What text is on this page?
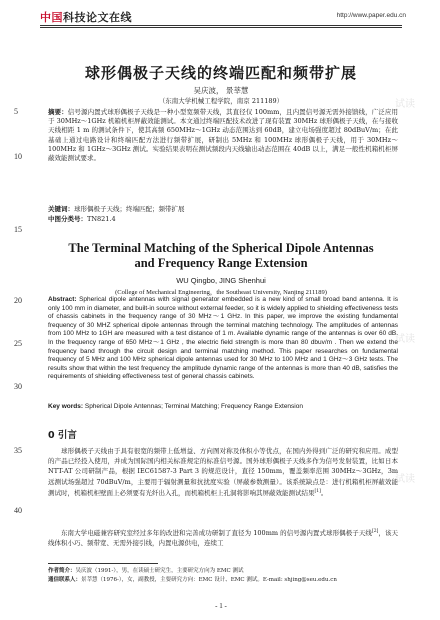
中国科技论文在线	http://www.paper.edu.cn
试读
试读
试读
5
10
15
20
25
30
35
40
球形偶极子天线的终端匹配和频带扩展
吴庆波， 景莘慧
（东南大学机械工程学院，南京 211189）
摘要：信号源内置式球形偶极子天线是一种小型宽频带天线，其直径仅 100mm，且内置信号源无需外接馈线，广泛应用于 30MHz～1GHz 机箱机柜屏蔽效能测试。本文通过终端匹配技术改进了现有装置 30MHz 球形偶极子天线，在与接收天线相距 1 m 的测试条件下，使其高频 650MHz～1GHz 动态范围达到 60dB，建立电场强度超过 80dBuV/m；在此基础上通过电路设计和终端匹配方法进行频带扩展，研制出 5MHz 和 100MHz 球形偶极子天线，用于 30MHz～100MHz 和 1GHz～3GHz 测试。实验结果表明在测试频段内天线输出动态范围在 40dB 以上，满足一般性机箱机柜屏蔽效能测试要求。
关键词：球形偶极子天线；终端匹配；频带扩展
中图分类号：TN821.4
The Terminal Matching of the Spherical Dipole Antennas
and Frequency Range Extension
WU Qingbo, JING Shenhui
(College of Mechanical Engineering，the Southeast University, Nanjing 211189)
Abstract: Spherical dipole antennas with signal generator embedded is a new kind of small broad band antenna. It is only 100 mm in diameter, and built-in source without external feeder, so it is widely applied to shielding effectiveness tests of chassis cabinets in the frequency range of 30 MHz～1 GHz. In this paper, we improve the existing fundamental frequency of 30 MHZ spherical dipole antennas through the terminal matching technology. The amplitudes of antennas from 100 MHz to 1GH are measured with a test distance of 1 m. Available dynamic range of the antennas is over 60 dB. In the frequency range of 650 MHz～1 GHz , the electric field strength is more than 80 dbuv/m . Then we extend the frequency band through the circuit design and terminal matching method. This paper researches on fundamental frequency of 5 MHz and 100 MHz spherical dipole antennas used for 30 MHz to 100 MHz and 1 GHz～3 GHz tests. The results show that within the test frequency the amplitude dynamic range of the antennas is more than 40 dB, satisfies the requirements of shielding effectiveness test of general chassis cabinets.
Key words: Spherical Dipole Antennas; Terminal Matching; Frequency Range Extension
0 引言
球形偶极子天线由于具有很宽的频带上低增益、方向图对称及体积小等优点，在国内外得到广泛的研究和应用。成型的产品已经投入使用，并成为国际国内相关标准规定的标准信号源。国外球形偶极子天线多作为信号发射装置，比如日本 NTT-AT 公司研制产品，根据 IEC61587-3 Part 3 的规范设计，直径 150mm，覆盖频率范围 30MHz～3GHz，3m 远测试场强超过 70dBuV/m，主要用于辐射测量和抗扰度实验（屏蔽参数测量）。该系统缺点是：进行机箱机柜屏蔽效能测试时，机箱机柜壁面上必须要有光纤出入孔，而机箱机柜上孔洞将影响其屏蔽效能测试结果[1]。
东南大学电磁兼容研究室经过多年的改进和完善成功研制了直径为 100mm 的信号源内置式球形偶极子天线[2]，该天线体积小巧、频带宽、无需外接引线，内置电源供电，连续工
作者简介：吴庆波（1991-），男，在读硕士研究生，主要研究方向为 EMC 测试
通信联系人：景莘慧（1976-），女，副教授，主要研究方向：EMC 设计、EMC 测试。E-mail: shjing@seu.edu.cn
- 1 -
